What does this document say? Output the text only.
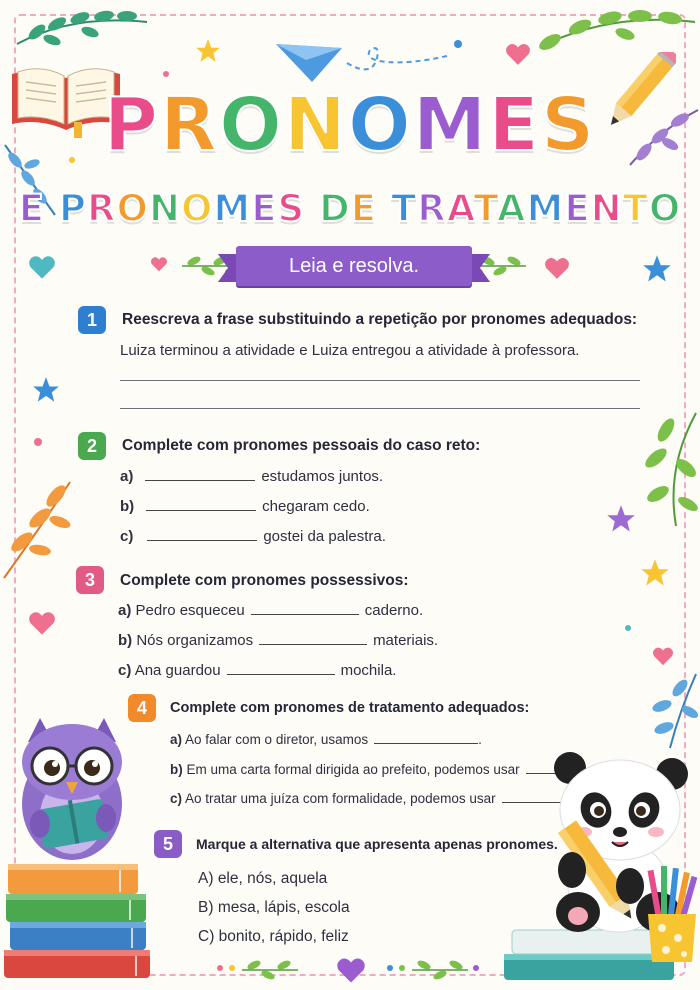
PRONOMES
E PRONOMES DE TRATAMENTO
Leia e resolva.
1	Reescreva a frase substituindo a repetição por pronomes adequados:
Luiza terminou a atividade e Luiza entregou a atividade à professora.
2	Complete com pronomes pessoais do caso reto:
a)	estudamos juntos.
b)	chegaram cedo.
c)	gostei da palestra.
3	Complete com pronomes possessivos:
a) Pedro esqueceu	caderno.
b) Nós organizamos	materiais.
c) Ana guardou	mochila.
4	Complete com pronomes de tratamento adequados:
a) Ao falar com o diretor, usamos	.
b) Em uma carta formal dirigida ao prefeito, podemos usar
c) Ao tratar uma juíza com formalidade, podemos usar
5	Marque a alternativa que apresenta apenas pronomes.
A) ele, nós, aquela
B) mesa, lápis, escola
C) bonito, rápido, feliz
